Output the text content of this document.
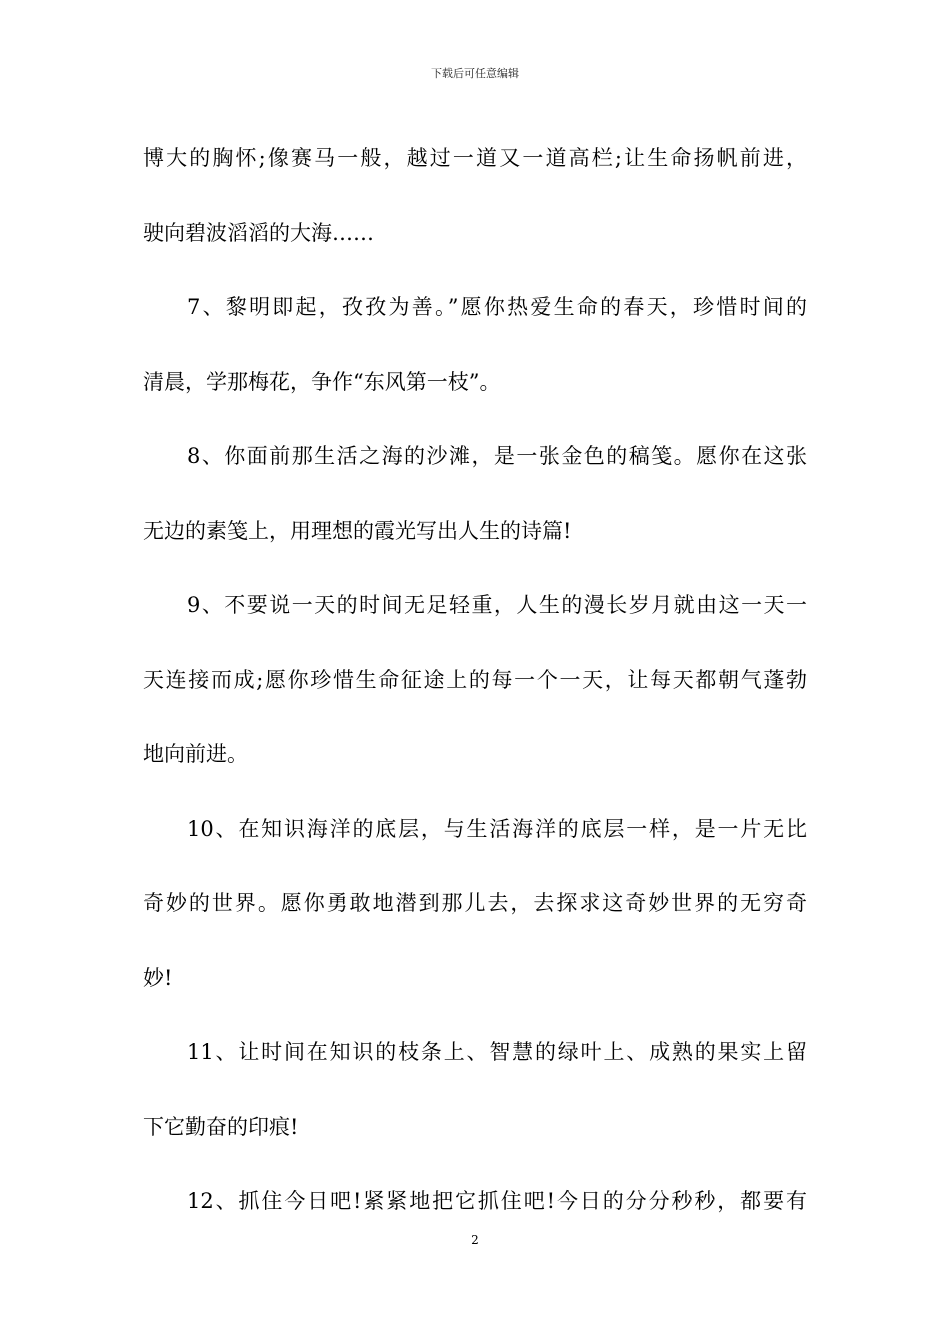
下载后可任意编辑
博大的胸怀;像赛马一般，越过一道又一道高栏;让生命扬帆前进，
驶向碧波滔滔的大海……
7、黎明即起，孜孜为善。”愿你热爱生命的春天，珍惜时间的
清晨，学那梅花，争作“东风第一枝”。
8、你面前那生活之海的沙滩，是一张金色的稿笺。愿你在这张
无边的素笺上，用理想的霞光写出人生的诗篇!
9、不要说一天的时间无足轻重，人生的漫长岁月就由这一天一
天连接而成;愿你珍惜生命征途上的每一个一天，让每天都朝气蓬勃
地向前进。
10、在知识海洋的底层，与生活海洋的底层一样，是一片无比
奇妙的世界。愿你勇敢地潜到那儿去，去探求这奇妙世界的无穷奇
妙!
11、让时间在知识的枝条上、智慧的绿叶上、成熟的果实上留
下它勤奋的印痕!
12、抓住今日吧!紧紧地把它抓住吧!今日的分分秒秒，都要有
2
